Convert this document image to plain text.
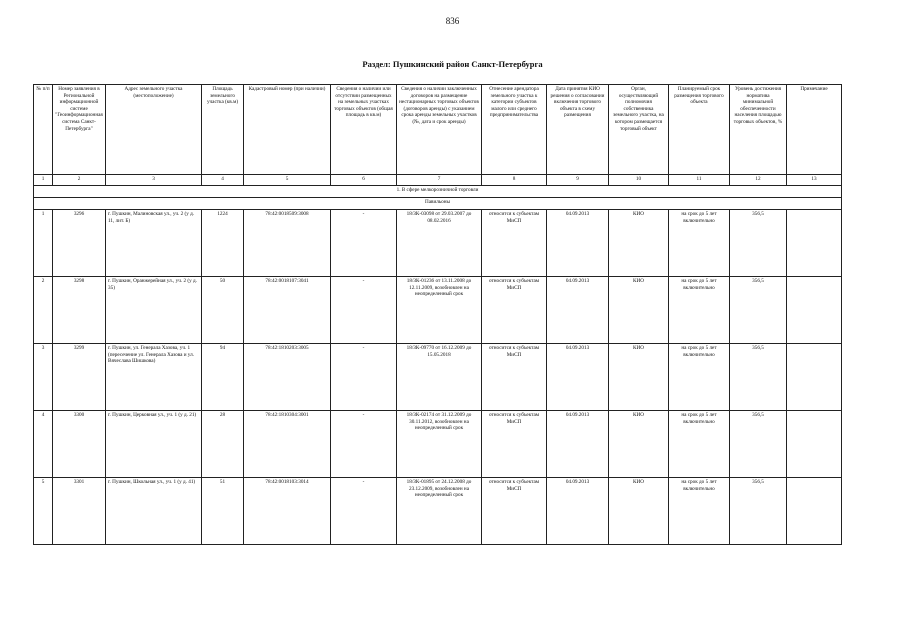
836
Раздел: Пушкинский район Санкт-Петербурга
№ п/п	Номер заявления в Региональной информационной системе "Геоинформационная система Санкт-Петербурга"	Адрес земельного участка (местоположение)	Площадь земельного участка (кв.м)	Кадастровый номер (при наличии)	Сведения о наличии или отсутствии размещенных на земельных участках торговых объектов (общая площадь в кв.м)	Сведения о наличии заключенных договоров на размещение нестационарных торговых объектов (договоров аренды) с указанием срока аренды земельных участков (№, дата и срок аренды)	Отнесение арендатора земельного участка к категории субъектов малого или среднего предпринимательства	Дата принятия КИО решения о согласовании включения торгового объекта в схему размещения	Орган, осуществляющий полномочия собственника земельного участка, на котором размещается торговый объект	Планируемый срок размещения торгового объекта	Уровень достижения норматива минимальной обеспеченности населения площадью торговых объектов, %	Примечание
1	2	3	4	5	6	7	8	9	10	11	12	13
1. В сфере мелкорозничной торговли												
Павильоны												
1	3296	г. Пушкин, Малиновская ул., уч. 2 (у д. 11, лит. Б)	1224	78:42:0018509:3008	-	18/ЗК-03098 от 29.03.2007 до 08.02.2016	относится к субъектам МиСП	04.09.2013	КИО	на срок до 5 лет включительно	356,5	
2	3298	г. Пушкин, Оранжерейная ул., уч. 2 (у д. 35)	50	78:42:0018107:3041	-	18/ЗК-01236 от 13.11.2008 до 12.11.2009, возобновлен на неопределенный срок	относится к субъектам МиСП	04.09.2013	КИО	на срок до 5 лет включительно	356,5	
3	3299	г. Пушкин, ул. Генерала Хазова, уч. 1 (пересечение ул. Генерала Хазова и ул. Вячеслава Шишкова)	94	78:42:1810203:3005	-	18/ЗК-09770 от 16.12.2009 до 15.05.2018	относится к субъектам МиСП	04.09.2013	КИО	на срок до 5 лет включительно	356,5	
4	3300	г. Пушкин, Церковная ул., уч. 1 (у д. 21)	28	78:42:1810304:3001	-	18/ЗК-02174 от 31.12.2009 до 30.11.2012, возобновлен на неопределенный срок	относится к субъектам МиСП	04.09.2013	КИО	на срок до 5 лет включительно	356,5	
5	3301	г. Пушкин, Школьная ул., уч. 1 (у д. 41)	51	78:42:0018103:3014	-	18/ЗК-01895 от 24.12.2008 до 23.12.2009, возобновлен на неопределенный срок	относится к субъектам МиСП	04.09.2013	КИО	на срок до 5 лет включительно	356,5	
